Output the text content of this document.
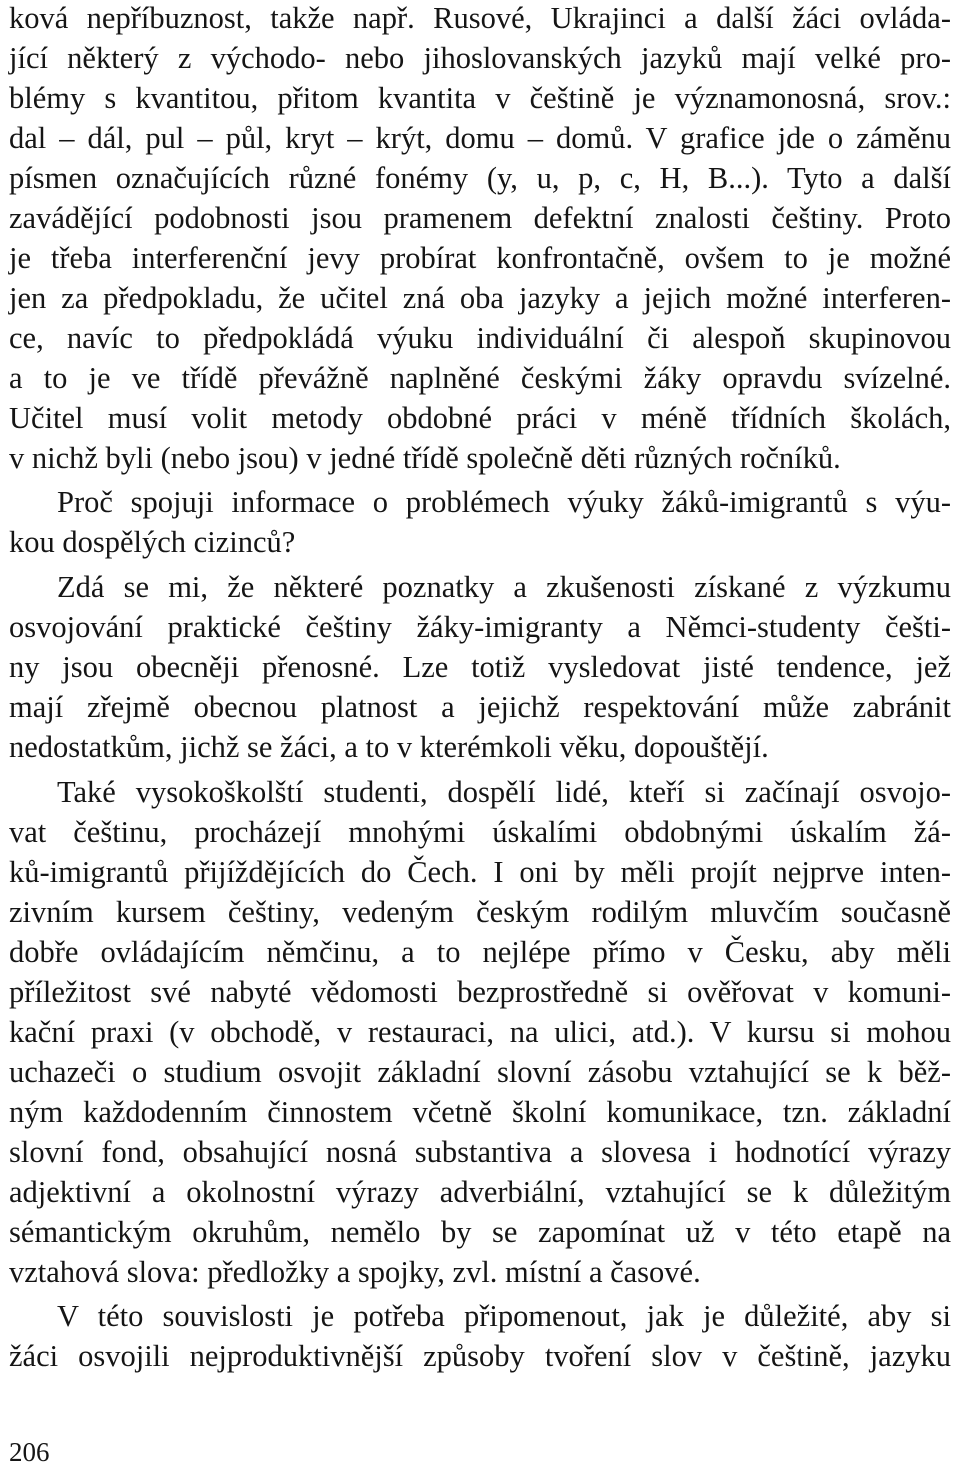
ková nepříbuznost, takže např. Rusové, Ukrajinci a další žáci ovláda-
jící některý z východo- nebo jihoslovanských jazyků mají velké pro-
blémy s kvantitou, přitom kvantita v češtině je významonosná, srov.:
dal – dál, pul – půl, kryt – krýt, domu – domů. V grafice jde o záměnu
písmen označujících různé fonémy (y, u, p, c, H, B...). Tyto a další
zavádějící podobnosti jsou pramenem defektní znalosti češtiny. Proto
je třeba interferenční jevy probírat konfrontačně, ovšem to je možné
jen za předpokladu, že učitel zná oba jazyky a jejich možné interferen-
ce, navíc to předpokládá výuku individuální či alespoň skupinovou
a to je ve třídě převážně naplněné českými žáky opravdu svízelné.
Učitel musí volit metody obdobné práci v méně třídních školách,
v nichž byli (nebo jsou) v jedné třídě společně děti různých ročníků.
Proč spojuji informace o problémech výuky žáků-imigrantů s výu-
kou dospělých cizinců?
Zdá se mi, že některé poznatky a zkušenosti získané z výzkumu
osvojování praktické češtiny žáky-imigranty a Němci-studenty češti-
ny jsou obecněji přenosné. Lze totiž vysledovat jisté tendence, jež
mají zřejmě obecnou platnost a jejichž respektování může zabránit
nedostatkům, jichž se žáci, a to v kterémkoli věku, dopouštějí.
Také vysokoškolští studenti, dospělí lidé, kteří si začínají osvojo-
vat češtinu, procházejí mnohými úskalími obdobnými úskalím žá-
ků-imigrantů přijíždějících do Čech. I oni by měli projít nejprve inten-
zivním kursem češtiny, vedeným českým rodilým mluvčím současně
dobře ovládajícím němčinu, a to nejlépe přímo v Česku, aby měli
příležitost své nabyté vědomosti bezprostředně si ověřovat v komuni-
kační praxi (v obchodě, v restauraci, na ulici, atd.). V kursu si mohou
uchazeči o studium osvojit základní slovní zásobu vztahující se k běž-
ným každodenním činnostem včetně školní komunikace, tzn. základní
slovní fond, obsahující nosná substantiva a slovesa i hodnotící výrazy
adjektivní a okolnostní výrazy adverbiální, vztahující se k důležitým
sémantickým okruhům, nemělo by se zapomínat už v této etapě na
vztahová slova: předložky a spojky, zvl. místní a časové.
V této souvislosti je potřeba připomenout, jak je důležité, aby si
žáci osvojili nejproduktivnější způsoby tvoření slov v češtině, jazyku
206
